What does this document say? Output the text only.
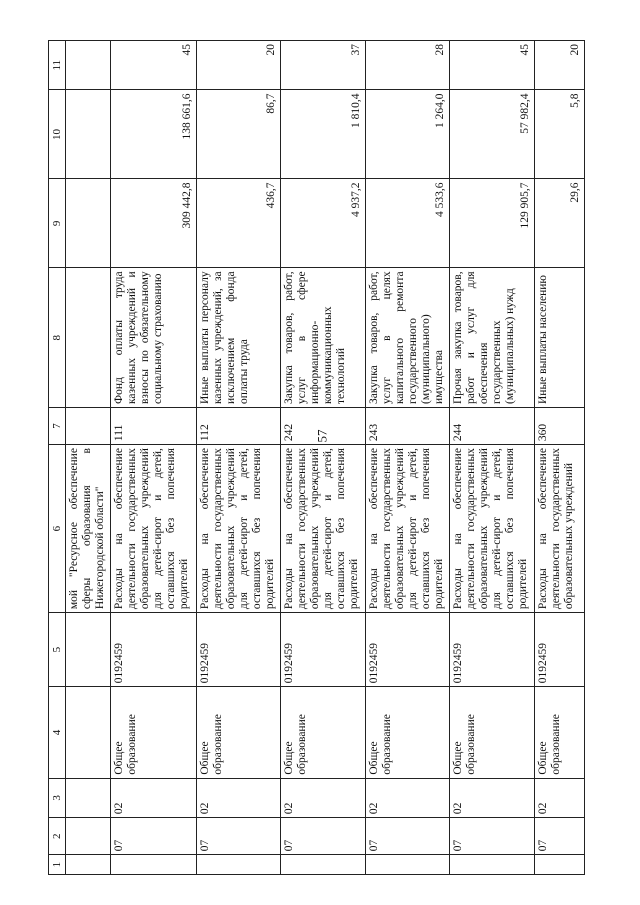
57
1	2	3	4	5	6	7	8	9	10	11
					мой "Ресурсное обеспечение сферы образования в Нижегородской области"					
	07	02	Общее образование	0192459	Расходы на обеспечение деятельности государственных образовательных учреждений для детей-сирот и детей, оставшихся без попечения родителей	111	Фонд оплаты труда казенных учреждений и взносы по обязательному социальному страхованию	309 442,8	138 661,6	45
	07	02	Общее образование	0192459	Расходы на обеспечение деятельности государственных образовательных учреждений для детей-сирот и детей, оставшихся без попечения родителей	112	Иные выплаты персоналу казенных учреждений, за исключением фонда оплаты труда	436,7	86,7	20
	07	02	Общее образование	0192459	Расходы на обеспечение деятельности государственных образовательных учреждений для детей-сирот и детей, оставшихся без попечения родителей	242	Закупка товаров, работ, услуг в сфере информационно-коммуникационных технологий	4 937,2	1 810,4	37
	07	02	Общее образование	0192459	Расходы на обеспечение деятельности государственных образовательных учреждений для детей-сирот и детей, оставшихся без попечения родителей	243	Закупка товаров, работ, услуг в целях капитального ремонта государственного (муниципального) имущества	4 533,6	1 264,0	28
	07	02	Общее образование	0192459	Расходы на обеспечение деятельности государственных образовательных учреждений для детей-сирот и детей, оставшихся без попечения родителей	244	Прочая закупка товаров, работ и услуг для обеспечения государственных (муниципальных) нужд	129 905,7	57 982,4	45
	07	02	Общее образование	0192459	Расходы на обеспечение деятельности государственных образовательных учреждений	360	Иные выплаты населению	29,6	5,8	20
